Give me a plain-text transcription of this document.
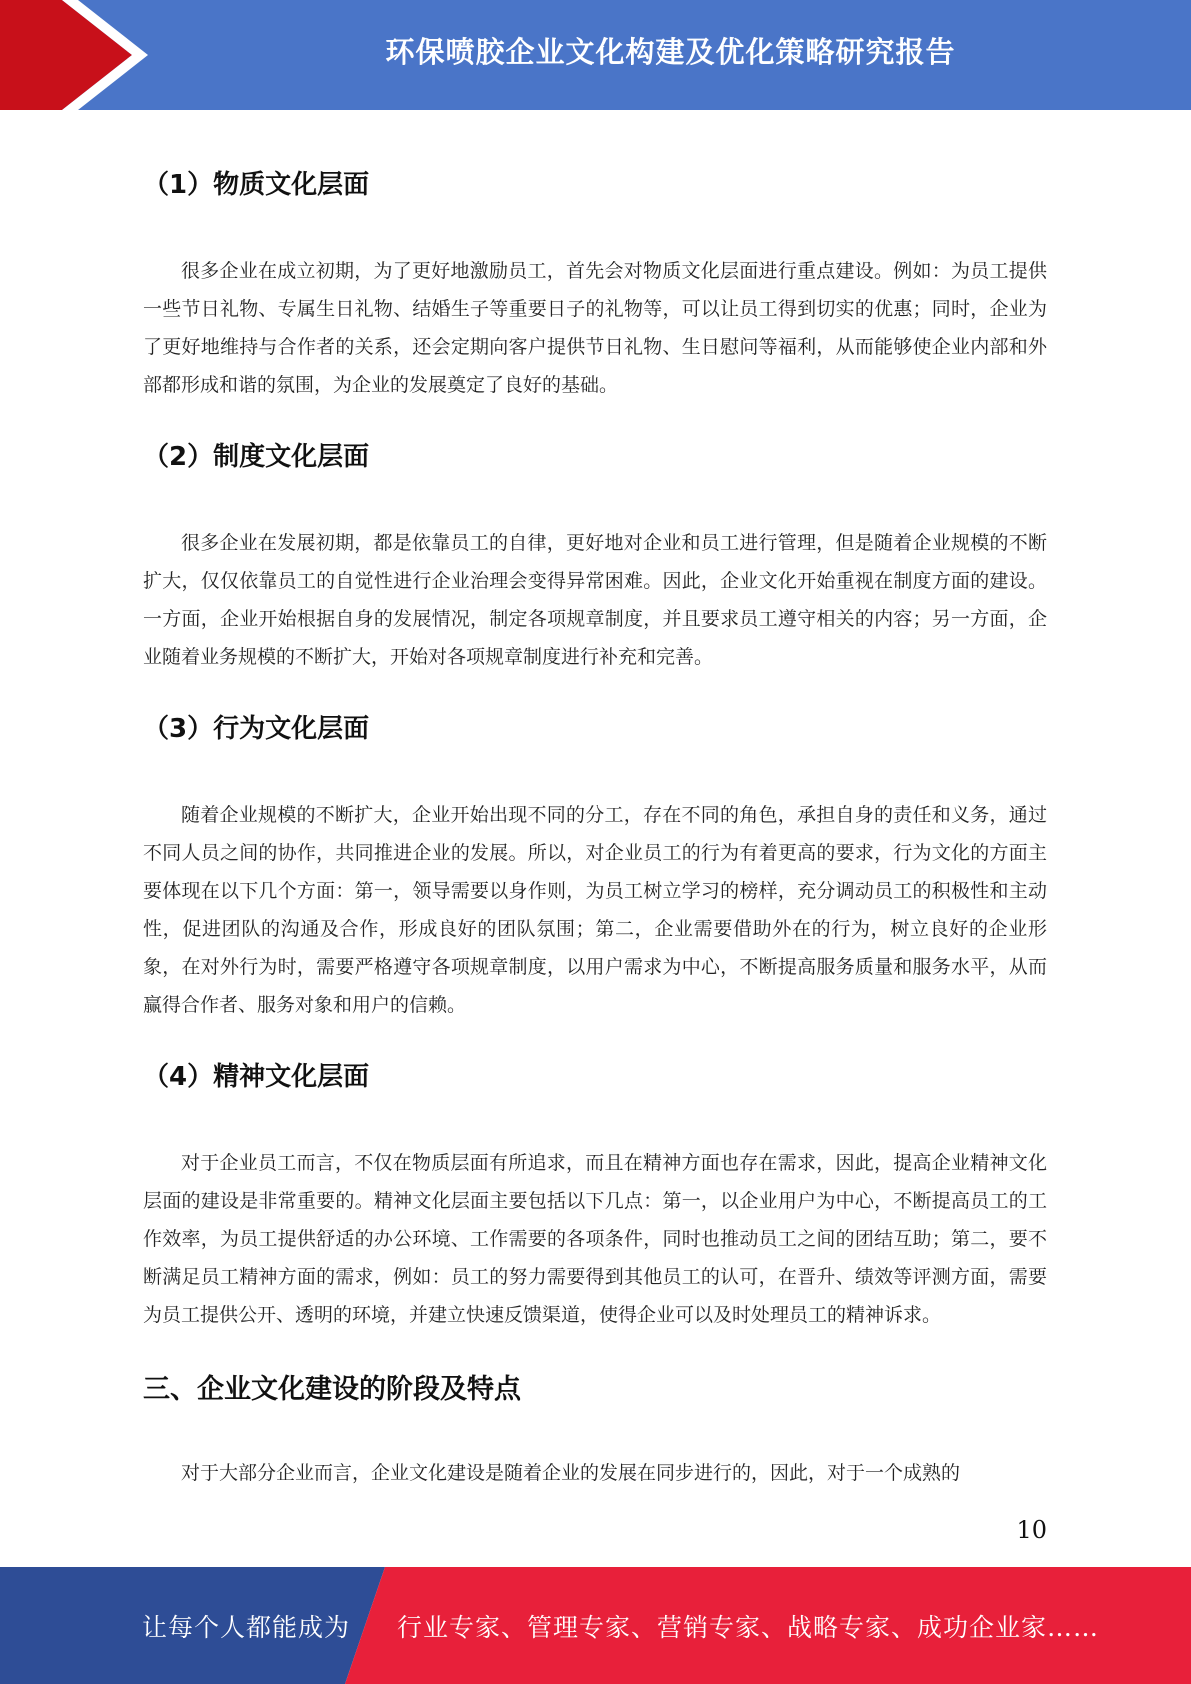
环保喷胶企业文化构建及优化策略研究报告
（1）物质文化层面

很多企业在成立初期，为了更好地激励员工，首先会对物质文化层面进行重点建设。例如：为员工提供一些节日礼物、专属生日礼物、结婚生子等重要日子的礼物等，可以让员工得到切实的优惠；同时，企业为了更好地维持与合作者的关系，还会定期向客户提供节日礼物、生日慰问等福利，从而能够使企业内部和外部都形成和谐的氛围，为企业的发展奠定了良好的基础。

（2）制度文化层面

很多企业在发展初期，都是依靠员工的自律，更好地对企业和员工进行管理，但是随着企业规模的不断扩大，仅仅依靠员工的自觉性进行企业治理会变得异常困难。因此，企业文化开始重视在制度方面的建设。一方面，企业开始根据自身的发展情况，制定各项规章制度，并且要求员工遵守相关的内容；另一方面，企业随着业务规模的不断扩大，开始对各项规章制度进行补充和完善。

（3）行为文化层面

随着企业规模的不断扩大，企业开始出现不同的分工，存在不同的角色，承担自身的责任和义务，通过不同人员之间的协作，共同推进企业的发展。所以，对企业员工的行为有着更高的要求，行为文化的方面主要体现在以下几个方面：第一，领导需要以身作则，为员工树立学习的榜样，充分调动员工的积极性和主动性，促进团队的沟通及合作，形成良好的团队氛围；第二，企业需要借助外在的行为，树立良好的企业形象，在对外行为时，需要严格遵守各项规章制度，以用户需求为中心，不断提高服务质量和服务水平，从而赢得合作者、服务对象和用户的信赖。

（4）精神文化层面

对于企业员工而言，不仅在物质层面有所追求，而且在精神方面也存在需求，因此，提高企业精神文化层面的建设是非常重要的。精神文化层面主要包括以下几点：第一，以企业用户为中心，不断提高员工的工作效率，为员工提供舒适的办公环境、工作需要的各项条件，同时也推动员工之间的团结互助；第二，要不断满足员工精神方面的需求，例如：员工的努力需要得到其他员工的认可，在晋升、绩效等评测方面，需要为员工提供公开、透明的环境，并建立快速反馈渠道，使得企业可以及时处理员工的精神诉求。

三、企业文化建设的阶段及特点

对于大部分企业而言，企业文化建设是随着企业的发展在同步进行的，因此，对于一个成熟的

10
让每个人都能成为 行业专家、管理专家、营销专家、战略专家、成功企业家……
